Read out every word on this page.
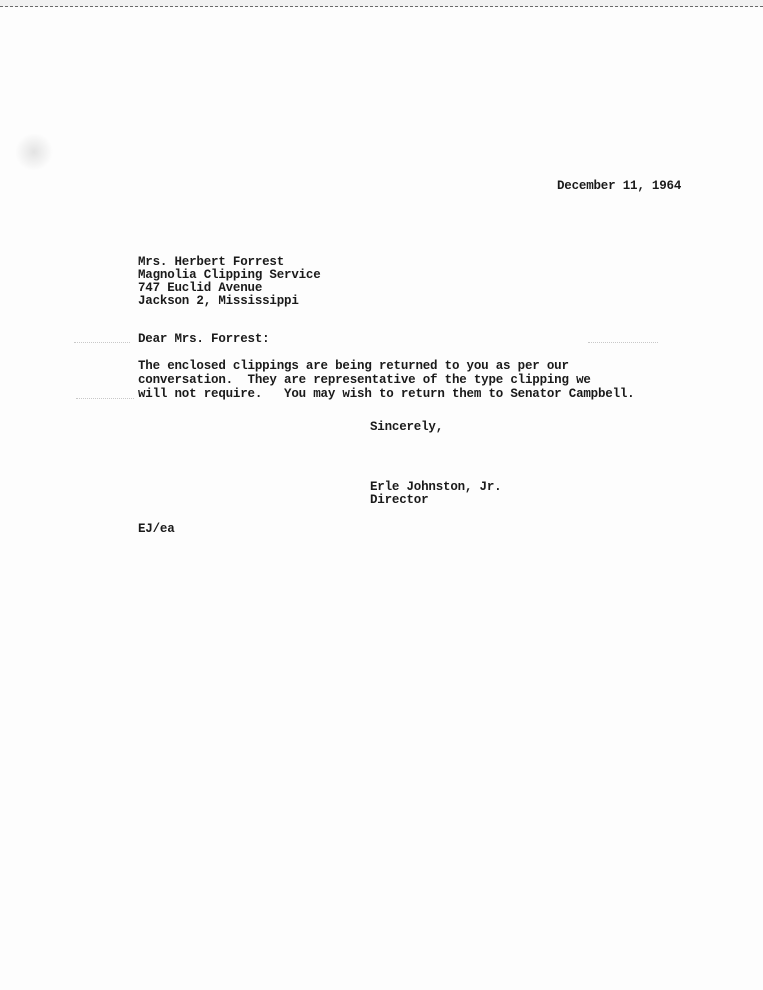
December 11, 1964
Mrs. Herbert Forrest
Magnolia Clipping Service
747 Euclid Avenue
Jackson 2, Mississippi
Dear Mrs. Forrest:
The enclosed clippings are being returned to you as per our
conversation.  They are representative of the type clipping we
will not require.   You may wish to return them to Senator Campbell.
Sincerely,
Erle Johnston, Jr.
Director
EJ/ea
